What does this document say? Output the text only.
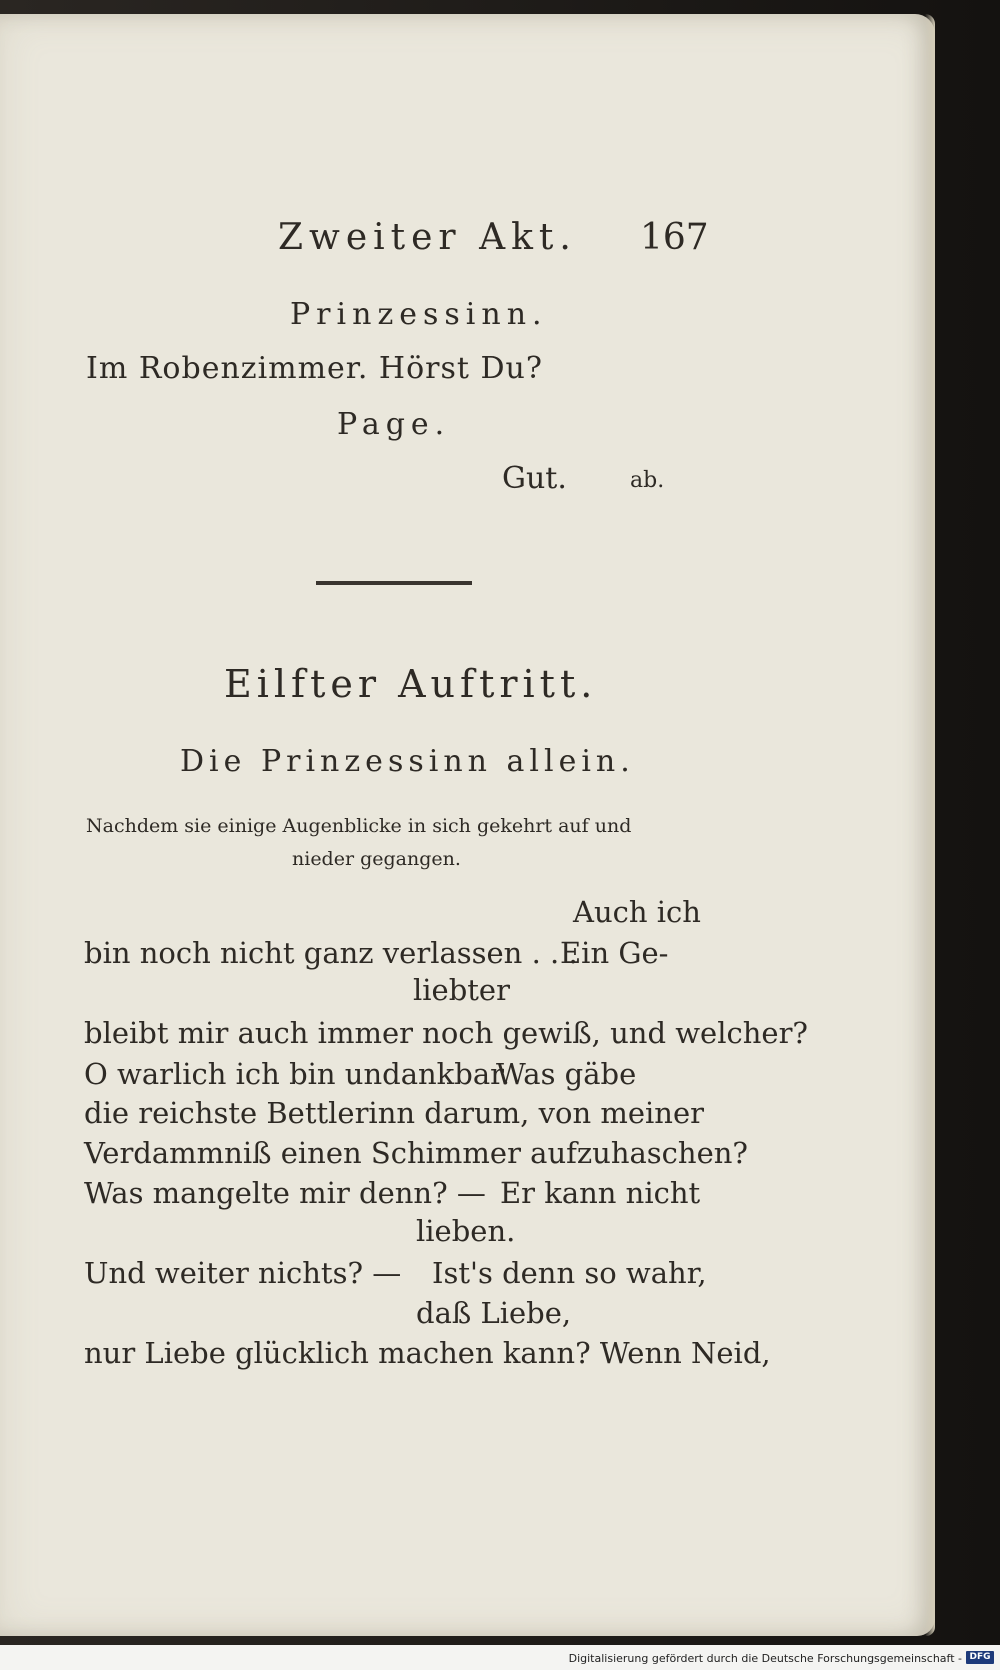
Zweiter Akt. 167
Prinzessinn.
Im Robenzimmer. Hörst Du?
Page.
Gut.	ab.
Eilfter Auftritt.
Die Prinzessinn allein.
Nachdem sie einige Augenblicke in sich gekehrt auf und
nieder gegangen.
Auch ich
bin noch nicht ganz verlassen . . .
Ein Ge-
liebter
bleibt mir auch immer noch gewiß, und welcher?
O warlich ich bin undankbar.
Was gäbe
die reichste Bettlerinn darum, von meiner
Verdammniß einen Schimmer aufzuhaschen?
Was mangelte mir denn? — Er kann nicht
lieben.
Und weiter nichts? — Ist's denn so wahr,
daß Liebe,
nur Liebe glücklich machen kann? Wenn Neid,
Digitalisierung gefördert durch die Deutsche Forschungsgemeinschaft - DFG
